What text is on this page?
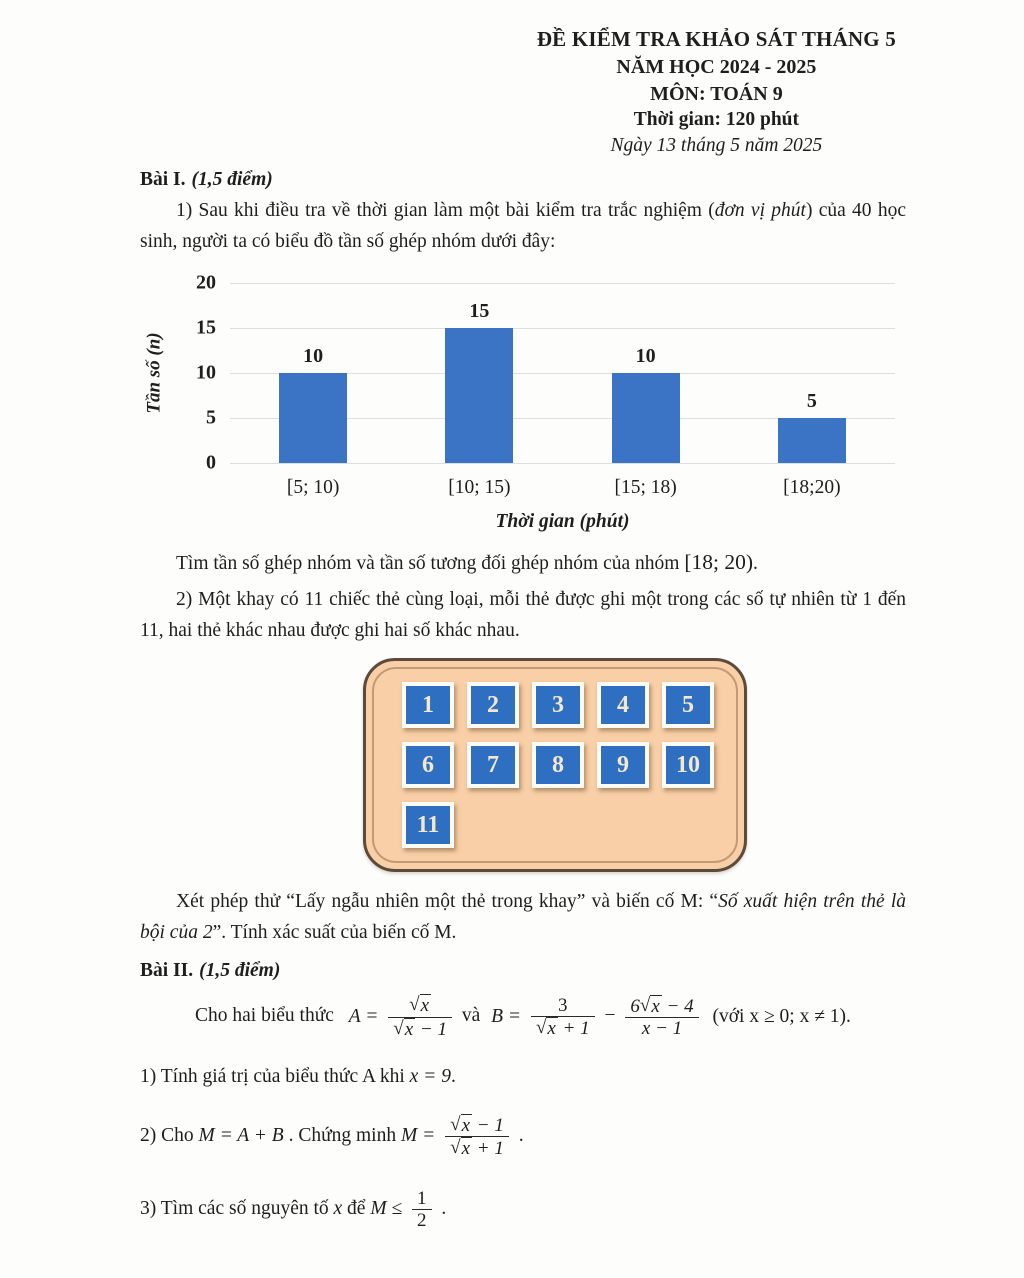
ĐỀ KIỂM TRA KHẢO SÁT THÁNG 5
NĂM HỌC 2024 - 2025
MÔN: TOÁN 9
Thời gian: 120 phút
Ngày 13 tháng 5 năm 2025

Bài I. (1,5 điểm)

1) Sau khi điều tra về thời gian làm một bài kiểm tra trắc nghiệm (đơn vị phút) của 40 học sinh, người ta có biểu đồ tần số ghép nhóm dưới đây:

Tần số (n)
20
15
10
5
0
10
15
10
5
[5; 10)	[10; 15)	[15; 18)	[18;20)
Thời gian (phút)

Tìm tần số ghép nhóm và tần số tương đối ghép nhóm của nhóm [18; 20).

2) Một khay có 11 chiếc thẻ cùng loại, mỗi thẻ được ghi một trong các số tự nhiên từ 1 đến 11, hai thẻ khác nhau được ghi hai số khác nhau.

1	2	3	4	5
6	7	8	9	10
11

Xét phép thử “Lấy ngẫu nhiên một thẻ trong khay” và biến cố M: “Số xuất hiện trên thẻ là bội của 2”. Tính xác suất của biến cố M.

Bài II. (1,5 điểm)

Cho hai biểu thức $A = \frac{√x}{√x - 1}$ và $B = \frac{3}{√x + 1} - \frac{6√x - 4}{x - 1}$ (với x ≥ 0; x ≠ 1).

1) Tính giá trị của biểu thức A khi x = 9.

2) Cho M = A + B . Chứng minh $M = \frac{√x - 1}{√x + 1}$ .

3) Tìm các số nguyên tố x để $M \le \frac{1}{2}$ .
